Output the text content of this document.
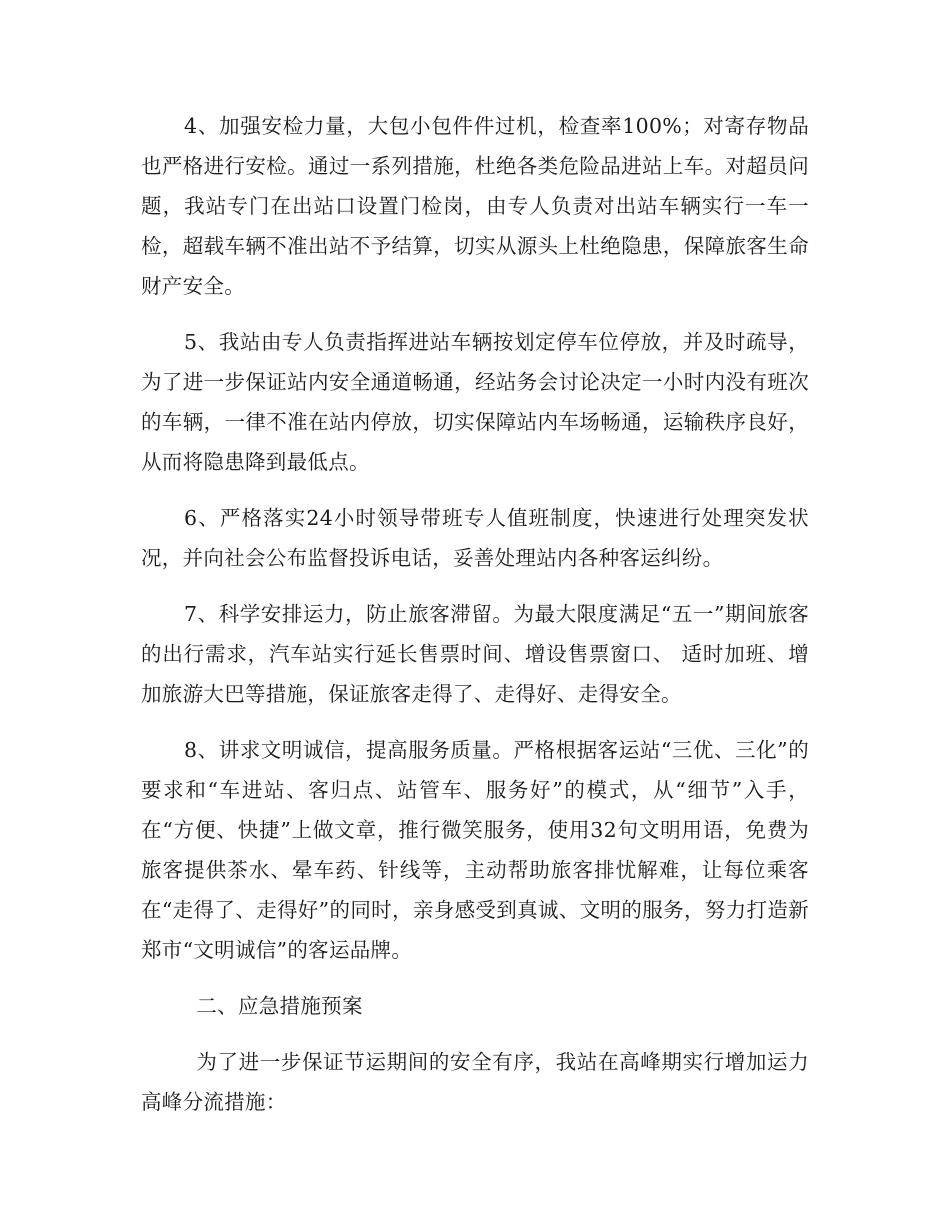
4、加强安检力量，大包小包件件过机，检查率100%；对寄存物品也严格进行安检。通过一系列措施，杜绝各类危险品进站上车。对超员问题，我站专门在出站口设置门检岗，由专人负责对出站车辆实行一车一检，超载车辆不准出站不予结算，切实从源头上杜绝隐患，保障旅客生命财产安全。

5、我站由专人负责指挥进站车辆按划定停车位停放，并及时疏导，为了进一步保证站内安全通道畅通，经站务会讨论决定一小时内没有班次的车辆，一律不准在站内停放，切实保障站内车场畅通，运输秩序良好，从而将隐患降到最低点。

6、严格落实24小时领导带班专人值班制度，快速进行处理突发状况，并向社会公布监督投诉电话，妥善处理站内各种客运纠纷。

7、科学安排运力，防止旅客滞留。为最大限度满足“五一”期间旅客的出行需求，汽车站实行延长售票时间、增设售票窗口、 适时加班、增加旅游大巴等措施，保证旅客走得了、走得好、走得安全。

8、讲求文明诚信，提高服务质量。严格根据客运站“三优、三化”的要求和“车进站、客归点、站管车、服务好”的模式，从“细节”入手，在“方便、快捷”上做文章，推行微笑服务，使用32句文明用语，免费为旅客提供茶水、晕车药、针线等，主动帮助旅客排忧解难，让每位乘客在“走得了、走得好”的同时，亲身感受到真诚、文明的服务，努力打造新郑市“文明诚信”的客运品牌。

二、应急措施预案

为了进一步保证节运期间的安全有序，我站在高峰期实行增加运力高峰分流措施：
